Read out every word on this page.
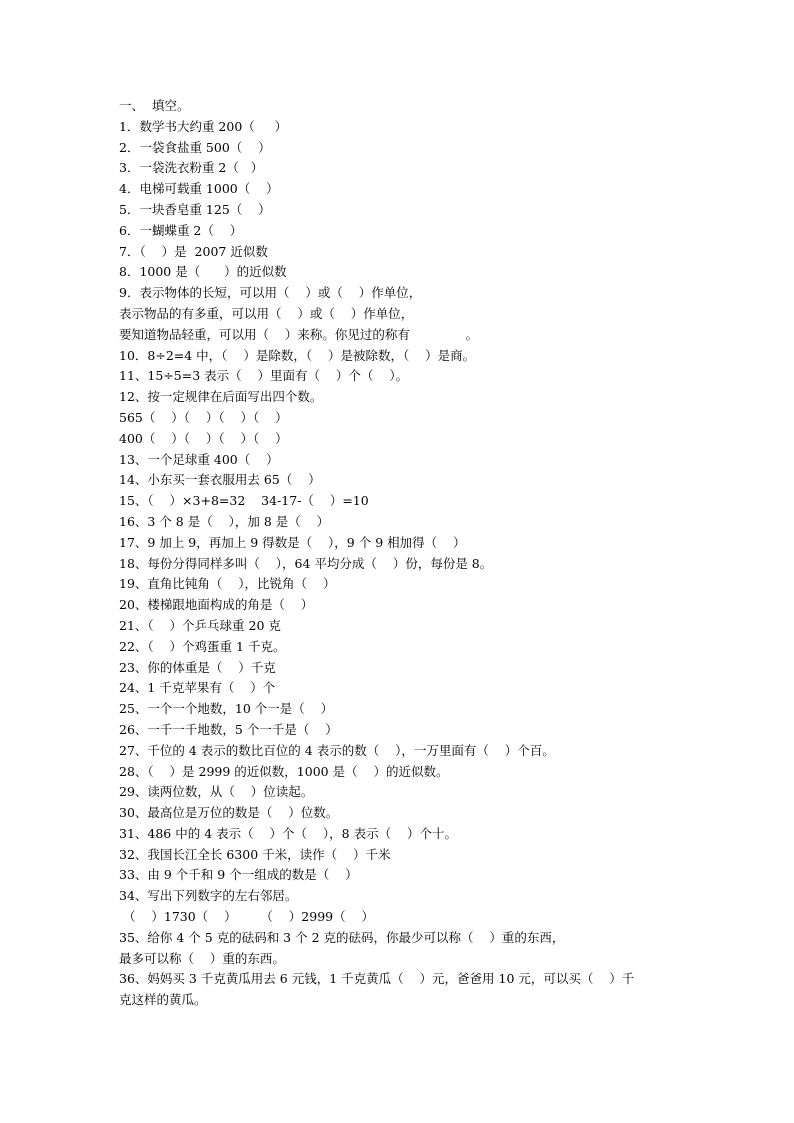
一、  填空。
1．数学书大约重 200（     ）
2．一袋食盐重 500（    ）
3．一袋洗衣粉重 2（   ）
4．电梯可载重 1000（    ）
5．一块香皂重 125（    ）
6．一蝴蝶重 2（    ）
7．（    ）是  2007 近似数
8．1000 是（      ）的近似数
9．表示物体的长短，可以用（    ）或（    ）作单位，
表示物品的有多重，可以用（    ）或（    ）作单位，
要知道物品轻重，可以用（    ）来称。你见过的称有              。
10．8÷2=4 中，（    ）是除数，（    ）是被除数，（    ）是商。
11、15÷5=3 表示（    ）里面有（    ）个（    ）。
12、按一定规律在后面写出四个数。
565（    ）（    ）（    ）（    ）
400（    ）（    ）（    ）（    ）
13、一个足球重 400（    ）
14、小东买一套衣服用去 65（    ）
15、（    ）×3+8=32    34-17-（    ）=10
16、3 个 8 是（    ），加 8 是（    ）
17、9 加上 9，再加上 9 得数是（    ），9 个 9 相加得（    ）
18、每份分得同样多叫（    ），64 平均分成（    ）份，每份是 8。
19、直角比钝角（    ），比锐角（    ）
20、楼梯跟地面构成的角是（    ）
21、（    ）个乒乓球重 20 克
22、（    ）个鸡蛋重 1 千克。
23、你的体重是（    ）千克
24、1 千克苹果有（    ）个
25、一个一个地数，10 个一是（    ）
26、一千一千地数，5 个一千是（    ）
27、千位的 4 表示的数比百位的 4 表示的数（    ），一万里面有（    ）个百。
28、（    ）是 2999 的近似数，1000 是（    ）的近似数。
29、读两位数，从（    ）位读起。
30、最高位是万位的数是（    ）位数。
31、486 中的 4 表示（    ）个（    ），8 表示（    ）个十。
32、我国长江全长 6300 千米，读作（    ）千米
33、由 9 个千和 9 个一组成的数是（    ）
34、写出下列数字的左右邻居。
（    ）1730（    ）      （    ）2999（    ）
35、给你 4 个 5 克的砝码和 3 个 2 克的砝码，你最少可以称（    ）重的东西，
最多可以称（    ）重的东西。
36、妈妈买 3 千克黄瓜用去 6 元钱，1 千克黄瓜（    ）元，爸爸用 10 元，可以买（    ）千
克这样的黄瓜。
